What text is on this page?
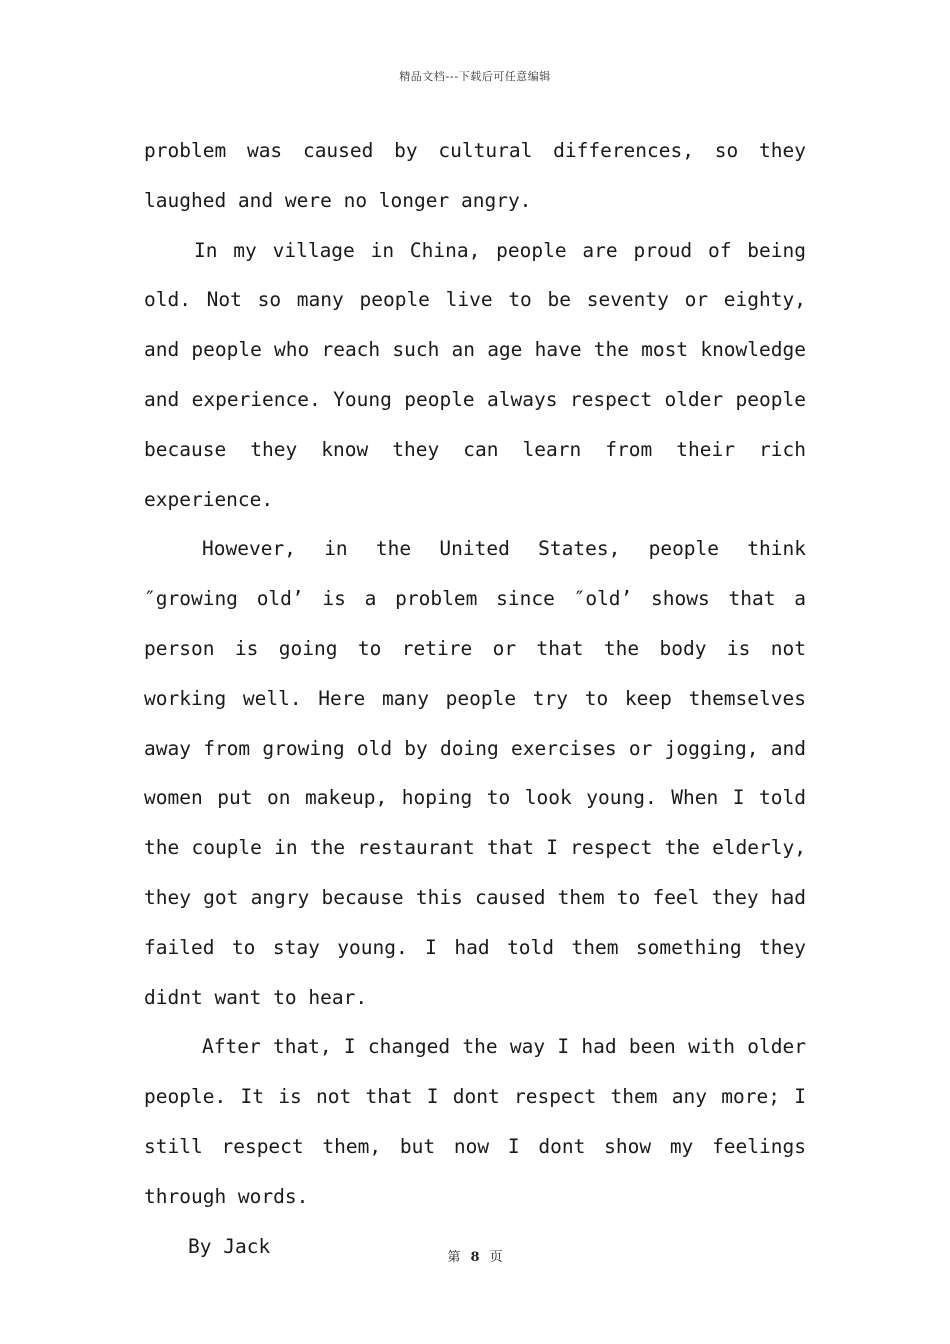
精品文档---下载后可任意编辑

problem was caused by cultural differences, so they laughed and were no longer angry.

In my village in China, people are proud of being old. Not so many people live to be seventy or eighty, and people who reach such an age have the most knowledge and experience. Young people always respect older people because they know they can learn from their rich experience.

However, in the United States, people think ″growing old’ is a problem since ″old’ shows that a person is going to retire or that the body is not working well. Here many people try to keep themselves away from growing old by doing exercises or jogging, and women put on makeup, hoping to look young. When I told the couple in the restaurant that I respect the elderly, they got angry because this caused them to feel they had failed to stay young. I had told them something they didnt want to hear.

After that, I changed the way I had been with older people. It is not that I dont respect them any more; I still respect them, but now I dont show my feelings through words.

By Jack	第 8 页
